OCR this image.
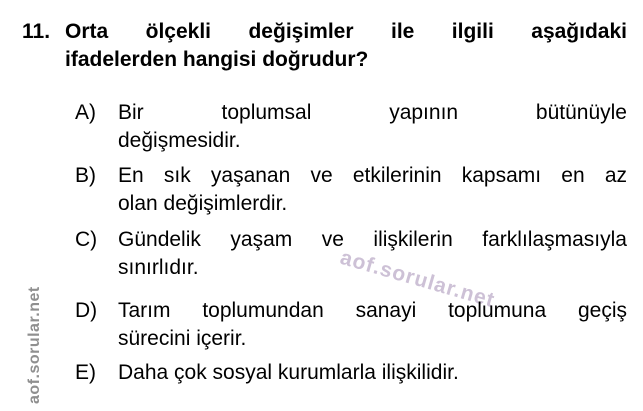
aof.sorular.net
aof.sorular.net
11. Orta ölçekli değişimler ile ilgili aşağıdaki
ifadelerden hangisi doğrudur?
A)	Bir toplumsal yapının bütünüyle
değişmesidir.
B)	En sık yaşanan ve etkilerinin kapsamı en az
olan değişimlerdir.
C) Gündelik yaşam ve ilişkilerin farklılaşmasıyla
sınırlıdır.
D) Tarım toplumundan sanayi toplumuna geçiş
sürecini içerir.
E)	Daha çok sosyal kurumlarla ilişkilidir.
